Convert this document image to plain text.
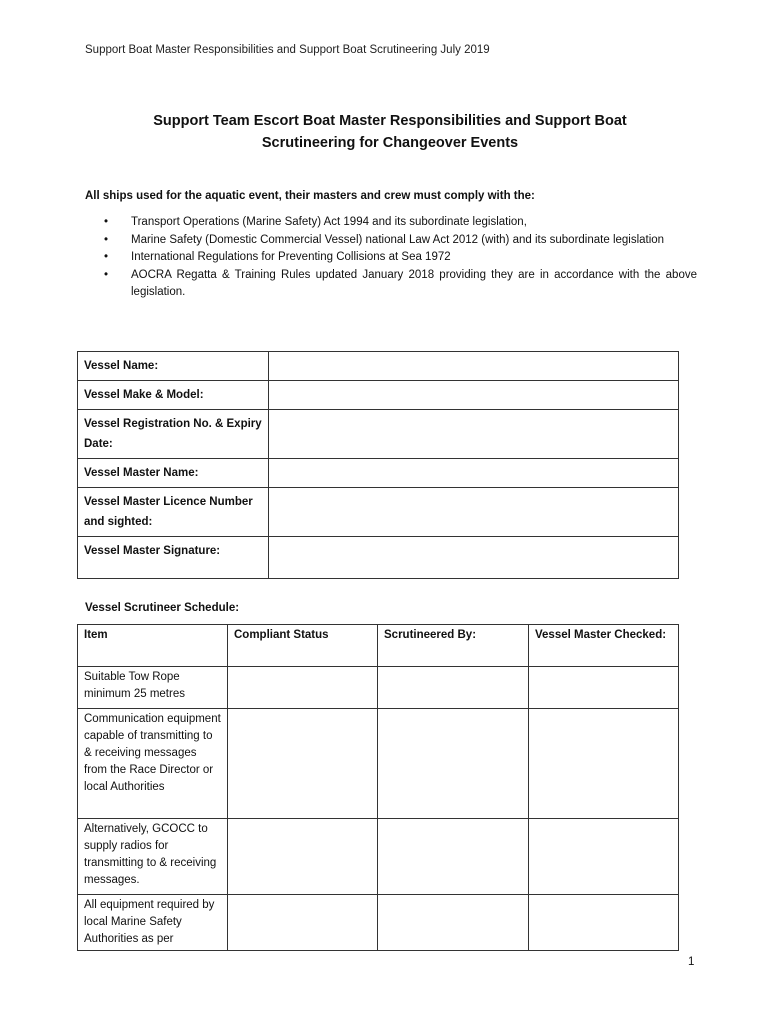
Support Boat Master Responsibilities and Support Boat Scrutineering July 2019
Support Team Escort Boat Master Responsibilities and Support Boat
Scrutineering for Changeover Events
All ships used for the aquatic event, their masters and crew must comply with the:
• Transport Operations (Marine Safety) Act 1994 and its subordinate legislation,
• Marine Safety (Domestic Commercial Vessel) national Law Act 2012 (with) and its subordinate legislation
• International Regulations for Preventing Collisions at Sea 1972
• AOCRA Regatta & Training Rules updated January 2018 providing they are in accordance with the above legislation.
Vessel Name:	
Vessel Make & Model:	
Vessel Registration No. & Expiry Date:	
Vessel Master Name:	
Vessel Master Licence Number and sighted:	
Vessel Master Signature:	
Vessel Scrutineer Schedule:
Item	Compliant Status	Scrutineered By:	Vessel Master Checked:
Suitable Tow Rope minimum 25 metres			
Communication equipment capable of transmitting to & receiving messages from the Race Director or local Authorities			
Alternatively, GCOCC to supply radios for transmitting to & receiving messages.			
All equipment required by local Marine Safety Authorities as per			
1
